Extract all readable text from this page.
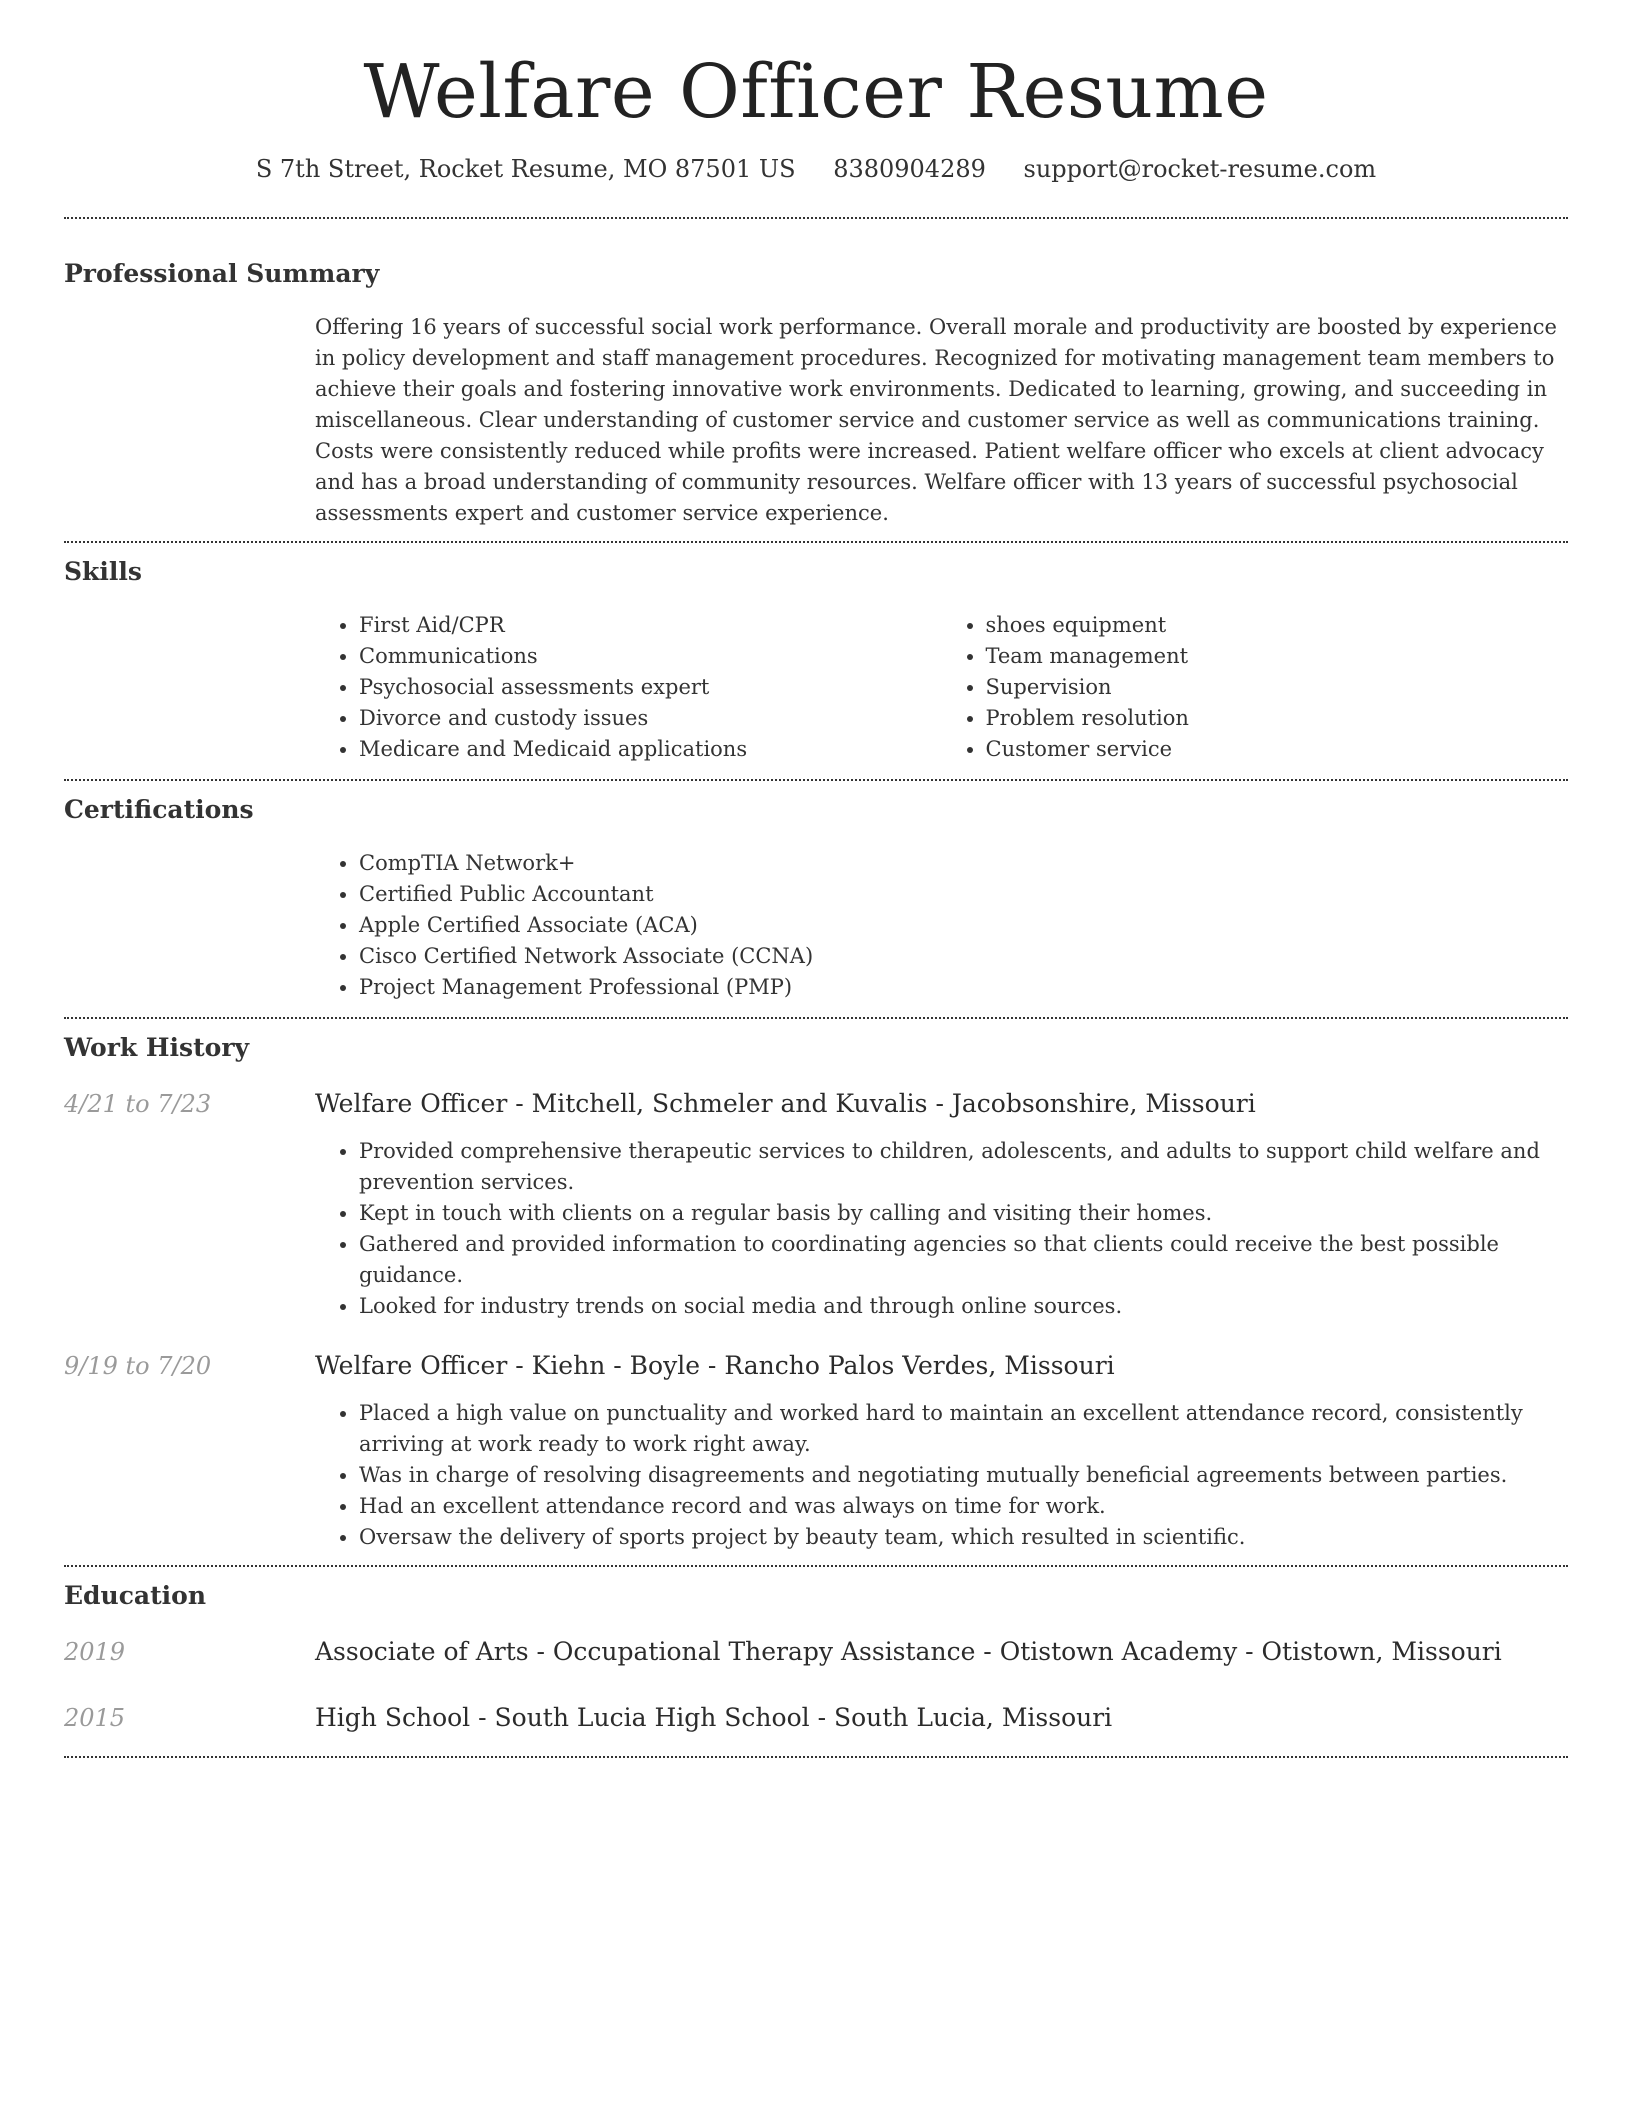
Welfare Officer Resume
S 7th Street, Rocket Resume, MO 87501 US 8380904289 support@rocket-resume.com
Professional Summary

Offering 16 years of successful social work performance. Overall morale and productivity are boosted by experience in policy development and staff management procedures. Recognized for motivating management team members to achieve their goals and fostering innovative work environments. Dedicated to learning, growing, and succeeding in miscellaneous. Clear understanding of customer service and customer service as well as communications training. Costs were consistently reduced while profits were increased. Patient welfare officer who excels at client advocacy and has a broad understanding of community resources. Welfare officer with 13 years of successful psychosocial assessments expert and customer service experience.

Skills
• First Aid/CPR
• Communications
• Psychosocial assessments expert
• Divorce and custody issues
• Medicare and Medicaid applications
• shoes equipment
• Team management
• Supervision
• Problem resolution
• Customer service
Certifications
• CompTIA Network+
• Certified Public Accountant
• Apple Certified Associate (ACA)
• Cisco Certified Network Associate (CCNA)
• Project Management Professional (PMP)
Work History
4/21 to 7/23	Welfare Officer - Mitchell, Schmeler and Kuvalis - Jacobsonshire, Missouri
• Provided comprehensive therapeutic services to children, adolescents, and adults to support child welfare and prevention services.
• Kept in touch with clients on a regular basis by calling and visiting their homes.
• Gathered and provided information to coordinating agencies so that clients could receive the best possible guidance.
• Looked for industry trends on social media and through online sources.
9/19 to 7/20	Welfare Officer - Kiehn - Boyle - Rancho Palos Verdes, Missouri
• Placed a high value on punctuality and worked hard to maintain an excellent attendance record, consistently arriving at work ready to work right away.
• Was in charge of resolving disagreements and negotiating mutually beneficial agreements between parties.
• Had an excellent attendance record and was always on time for work.
• Oversaw the delivery of sports project by beauty team, which resulted in scientific.
Education
2019	Associate of Arts - Occupational Therapy Assistance - Otistown Academy - Otistown, Missouri
2015	High School - South Lucia High School - South Lucia, Missouri
